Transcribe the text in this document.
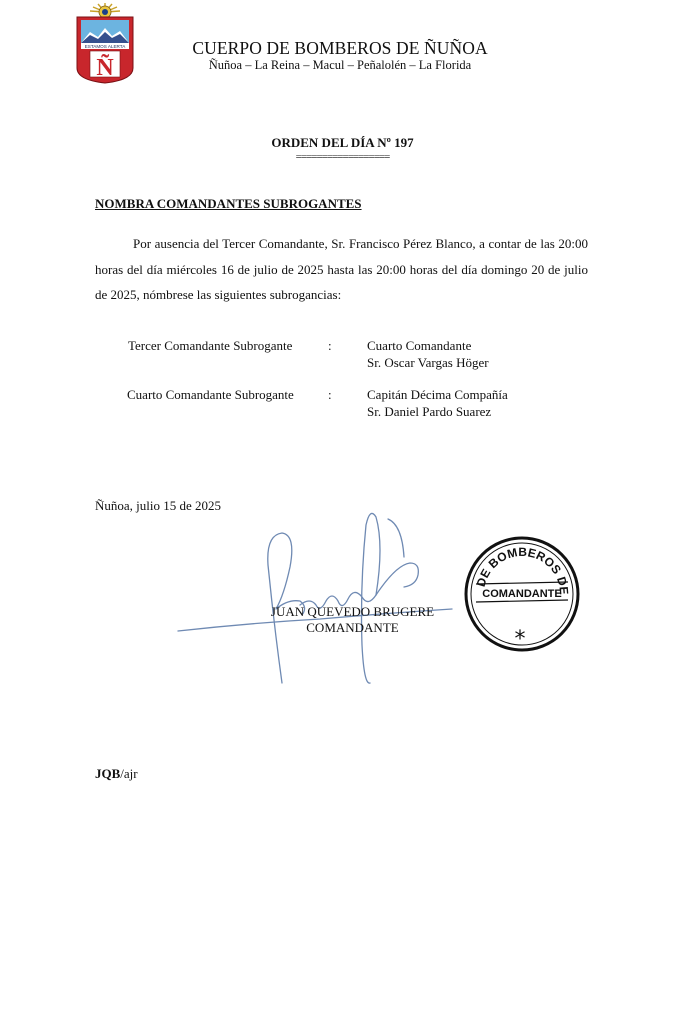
ESTAMOS ALERTA
Ñ
CUERPO DE BOMBEROS DE ÑUÑOA
Ñuñoa – La Reina – Macul – Peñalolén – La Florida
ORDEN DEL DÍA Nº 197
==================
NOMBRA COMANDANTES SUBROGANTES

Por ausencia del Tercer Comandante, Sr. Francisco Pérez Blanco, a contar de las 20:00 horas del día miércoles 16 de julio de 2025 hasta las 20:00 horas del día domingo 20 de julio de 2025, nómbrese las siguientes subrogancias:

Tercer Comandante Subrogante	:	Cuarto Comandante
Sr. Oscar Vargas Höger
Cuarto Comandante Subrogante	:	Capitán Décima Compañía
Sr. Daniel Pardo Suarez
Ñuñoa, julio 15 de 2025
JUAN QUEVEDO BRUGERE
COMANDANTE
DE BOMBEROS DE
COMANDANTE
*
JQB/ajr
